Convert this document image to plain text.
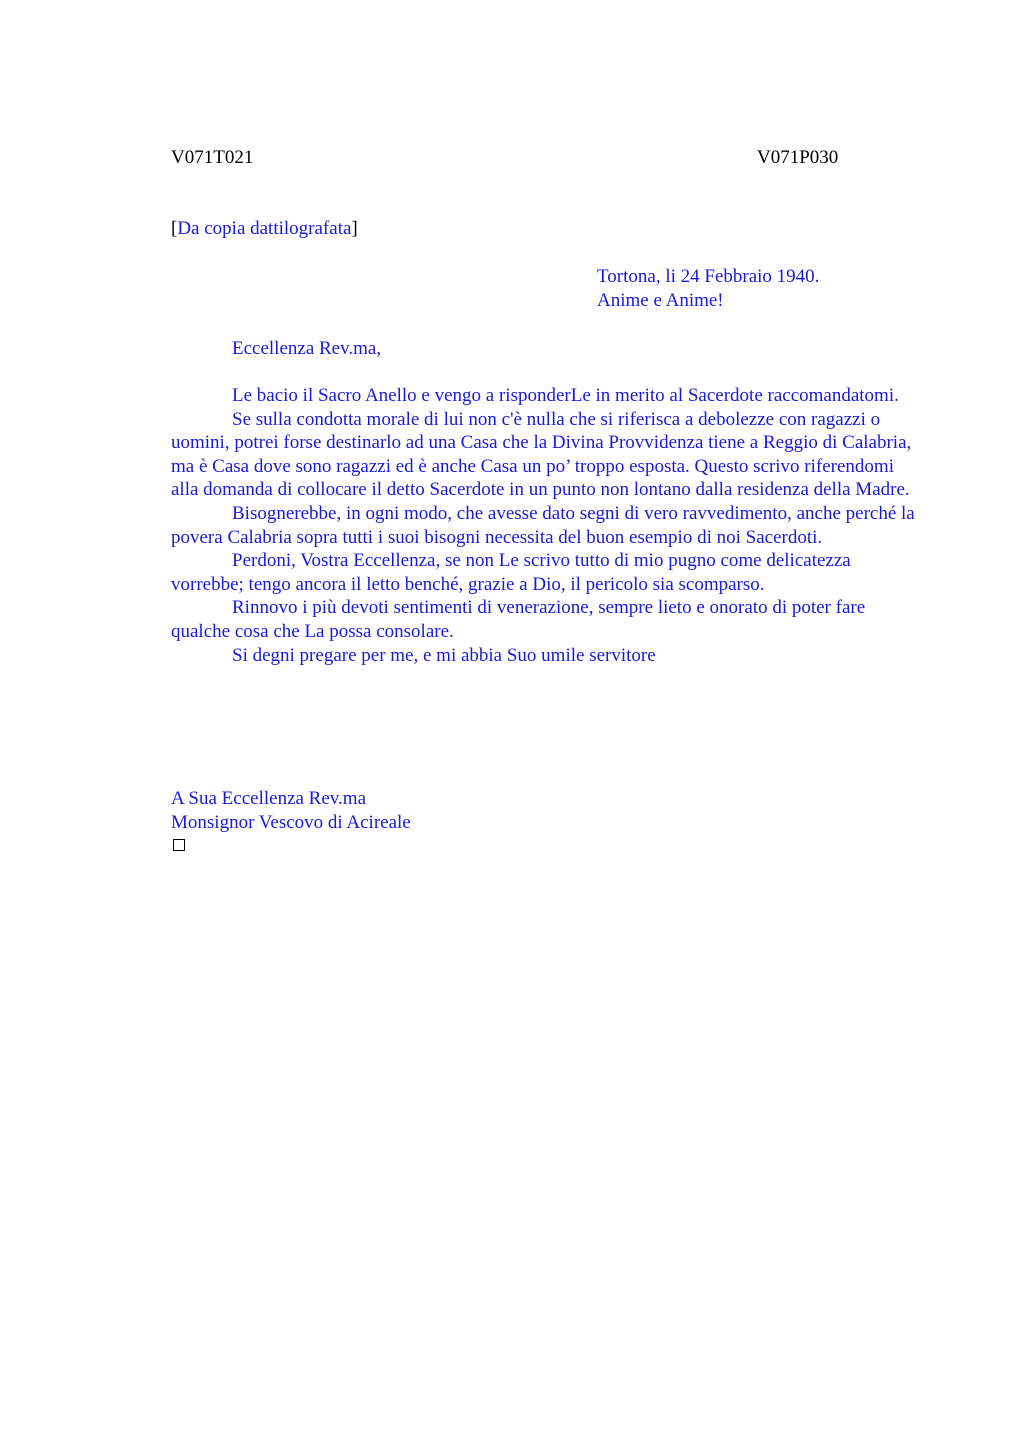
V071T021	V071P030
[Da copia dattilografata]
Tortona, li 24 Febbraio 1940.
Anime e Anime!
Eccellenza Rev.ma,

Le bacio il Sacro Anello e vengo a risponderLe in merito al Sacerdote raccomandatomi.

Se sulla condotta morale di lui non c'è nulla che si riferisca a debolezze con ragazzi o uomini, potrei forse destinarlo ad una Casa che la Divina Provvidenza tiene a Reggio di Calabria, ma è Casa dove sono ragazzi ed è anche Casa un po’ troppo esposta. Questo scrivo riferendomi alla domanda di collocare il detto Sacerdote in un punto non lontano dalla residenza della Madre.

Bisognerebbe, in ogni modo, che avesse dato segni di vero ravvedimento, anche perché la povera Calabria sopra tutti i suoi bisogni necessita del buon esempio di noi Sacerdoti.

Perdoni, Vostra Eccellenza, se non Le scrivo tutto di mio pugno come delicatezza vorrebbe; tengo ancora il letto benché, grazie a Dio, il pericolo sia scomparso.

Rinnovo i più devoti sentimenti di venerazione, sempre lieto e onorato di poter fare qualche cosa che La possa consolare.

Si degni pregare per me, e mi abbia Suo umile servitore

A Sua Eccellenza Rev.ma
Monsignor Vescovo di Acireale
